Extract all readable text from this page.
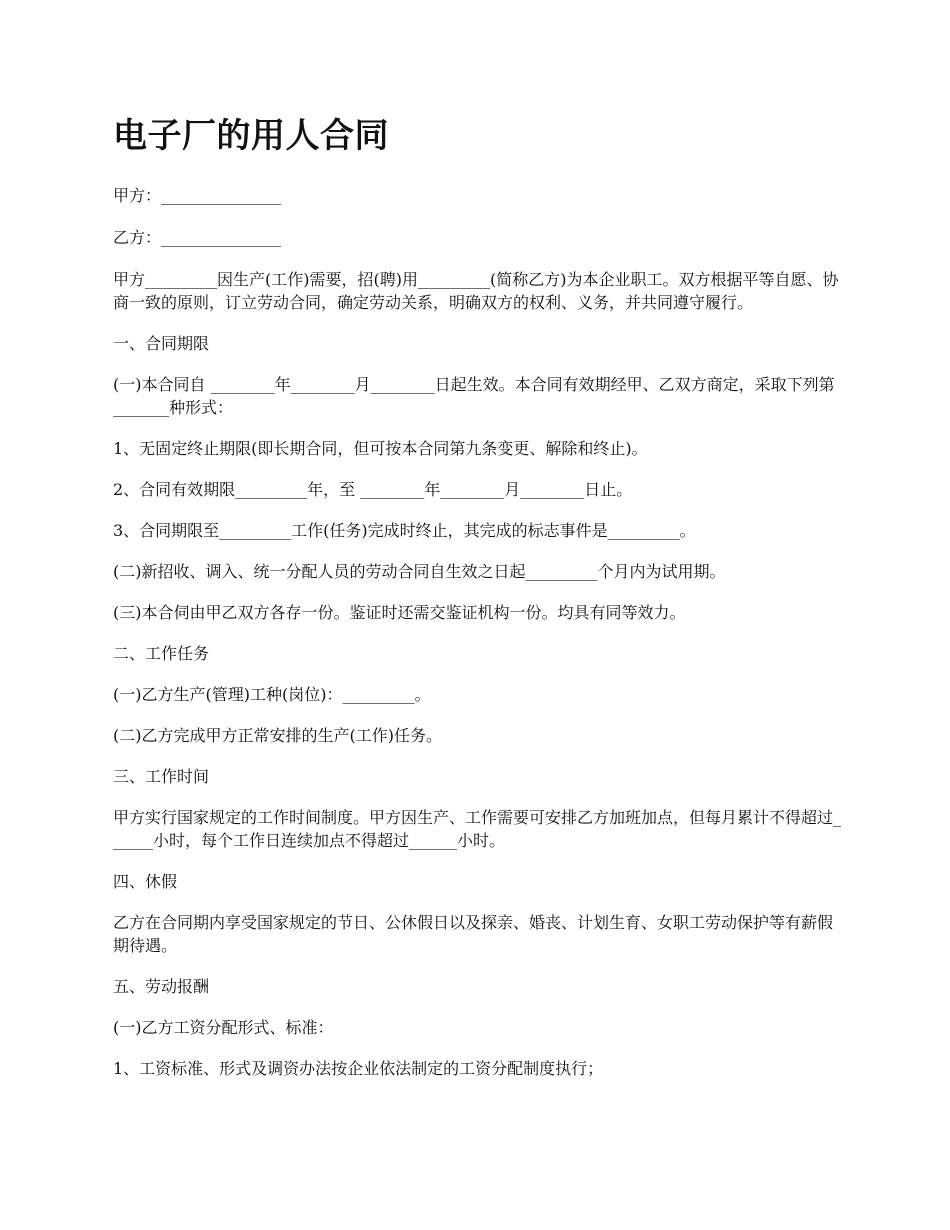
电子厂的用人合同

甲方：_______________

乙方：_______________

甲方_________因生产(工作)需要，招(聘)用_________(简称乙方)为本企业职工。双方根据平等自愿、协商一致的原则，订立劳动合同，确定劳动关系，明确双方的权利、义务，并共同遵守履行。

一、合同期限

(一)本合同自 ________年________月________日起生效。本合同有效期经甲、乙双方商定，采取下列第_______种形式：

1、无固定终止期限(即长期合同，但可按本合同第九条变更、解除和终止)。

2、合同有效期限_________年，至 ________年________月________日止。

3、合同期限至_________工作(任务)完成时终止，其完成的标志事件是_________。

(二)新招收、调入、统一分配人员的劳动合同自生效之日起_________个月内为试用期。

(三)本合伺由甲乙双方各存一份。鉴证时还需交鉴证机构一份。均具有同等效力。

二、工作任务

(一)乙方生产(管理)工种(岗位)：_________。

(二)乙方完成甲方正常安排的生产(工作)任务。

三、工作时间

甲方实行国家规定的工作时间制度。甲方因生产、工作需要可安排乙方加班加点，但每月累计不得超过______小时，每个工作日连续加点不得超过______小时。

四、休假

乙方在合同期内享受国家规定的节日、公休假日以及探亲、婚丧、计划生育、女职工劳动保护等有薪假期待遇。

五、劳动报酬

(一)乙方工资分配形式、标准：

1、工资标准、形式及调资办法按企业依法制定的工资分配制度执行；
